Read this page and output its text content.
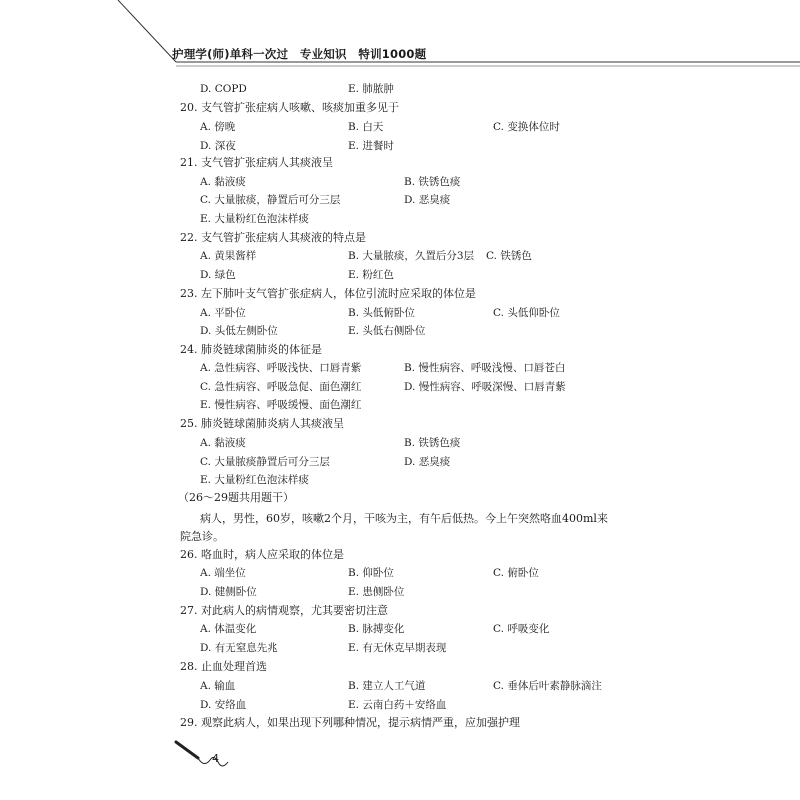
护理学(师)单科一次过　专业知识　特训1000题
D. COPD	E. 肺脓肿
20. 支气管扩张症病人咳嗽、咳痰加重多见于
A. 傍晚	B. 白天	C. 变换体位时
D. 深夜	E. 进餐时
21. 支气管扩张症病人其痰液呈
A. 黏液痰	B. 铁锈色痰
C. 大量脓痰，静置后可分三层	D. 恶臭痰
E. 大量粉红色泡沫样痰
22. 支气管扩张症病人其痰液的特点是
A. 黄果酱样	B. 大量脓痰，久置后分3层 C. 铁锈色
D. 绿色	E. 粉红色
23. 左下肺叶支气管扩张症病人，体位引流时应采取的体位是
A. 平卧位	B. 头低俯卧位	C. 头低仰卧位
D. 头低左侧卧位	E. 头低右侧卧位
24. 肺炎链球菌肺炎的体征是
A. 急性病容、呼吸浅快、口唇青紫	B. 慢性病容、呼吸浅慢、口唇苍白
C. 急性病容、呼吸急促、面色潮红	D. 慢性病容、呼吸深慢、口唇青紫
E. 慢性病容、呼吸缓慢、面色潮红
25. 肺炎链球菌肺炎病人其痰液呈
A. 黏液痰	B. 铁锈色痰
C. 大量脓痰静置后可分三层	D. 恶臭痰
E. 大量粉红色泡沫样痰
（26～29题共用题干）
病人，男性，60岁，咳嗽2个月，干咳为主，有午后低热。今上午突然咯血400ml来
院急诊。
26. 咯血时，病人应采取的体位是
A. 端坐位	B. 仰卧位	C. 俯卧位
D. 健侧卧位	E. 患侧卧位
27. 对此病人的病情观察，尤其要密切注意
A. 体温变化	B. 脉搏变化	C. 呼吸变化
D. 有无窒息先兆	E. 有无休克早期表现
28. 止血处理首选
A. 输血	B. 建立人工气道	C. 垂体后叶素静脉滴注
D. 安络血	E. 云南白药＋安络血
29. 观察此病人，如果出现下列哪种情况，提示病情严重，应加强护理
4
